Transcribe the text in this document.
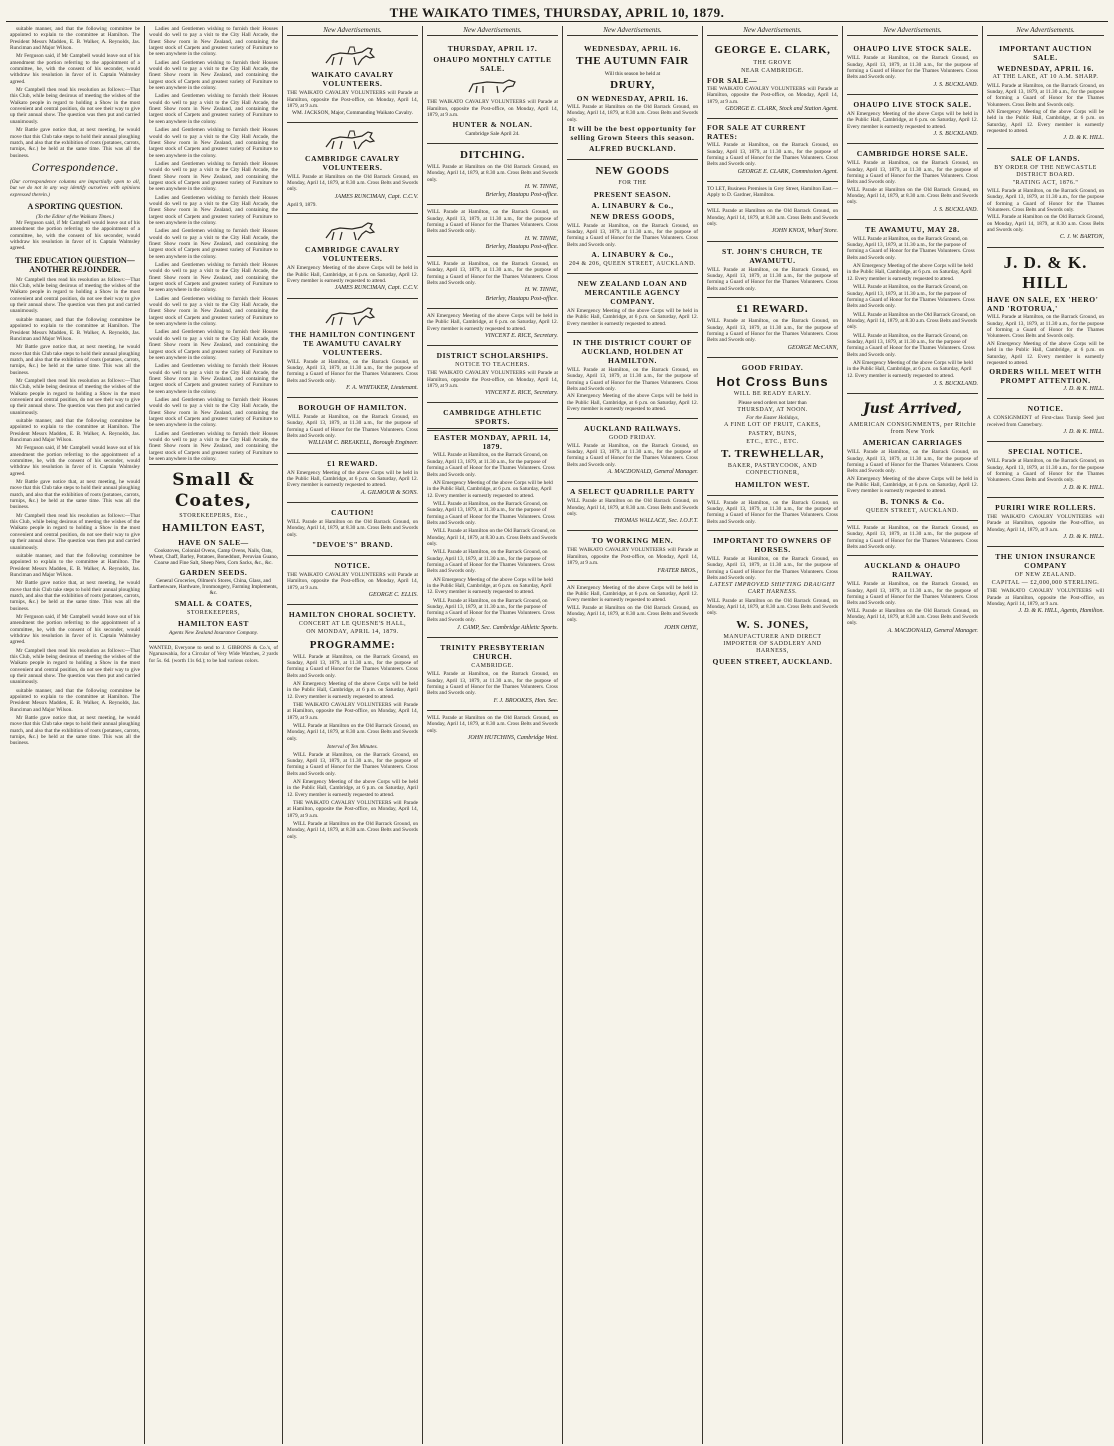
THE WAIKATO TIMES, THURSDAY, APRIL 10, 1879.

suitable manner, and that the following committee be appointed to explain to the committee at Hamilton. The President Messrs Madden, E. B. Walker, A. Reynolds, Jas. Runciman and Major Wilson.

Mr Ferguson said, if Mr Campbell would leave out of his amendment the portion referring to the appointment of a committee, he, with the consent of his seconder, would withdraw his resolution in favor of it. Captain Walmsley agreed.

Mr Campbell then read his resolution as follows:—That this Club, while being desirous of meeting the wishes of the Waikato people in regard to holding a Show in the most convenient and central position, do not see their way to give up their annual show. The question was then put and carried unanimously.

Mr Battle gave notice that, at next meeting, he would move that this Club take steps to hold their annual ploughing match, and also that the exhibition of roots (potatoes, carrots, turnips, &c.) be held at the same time. This was all the business.

Correspondence.

(Our correspondence columns are impartially open to all, but we do not in any way identify ourselves with opinions expressed therein.)

A SPORTING QUESTION.

(To the Editor of the Waikato Times.)

Mr Ferguson said, if Mr Campbell would leave out of his amendment the portion referring to the appointment of a committee, he, with the consent of his seconder, would withdraw his resolution in favor of it. Captain Walmsley agreed.

THE EDUCATION QUESTION— ANOTHER REJOINDER.

Mr Campbell then read his resolution as follows:—That this Club, while being desirous of meeting the wishes of the Waikato people in regard to holding a Show in the most convenient and central position, do not see their way to give up their annual show. The question was then put and carried unanimously.

suitable manner, and that the following committee be appointed to explain to the committee at Hamilton. The President Messrs Madden, E. B. Walker, A. Reynolds, Jas. Runciman and Major Wilson.

Mr Battle gave notice that, at next meeting, he would move that this Club take steps to hold their annual ploughing match, and also that the exhibition of roots (potatoes, carrots, turnips, &c.) be held at the same time. This was all the business.

Mr Campbell then read his resolution as follows:—That this Club, while being desirous of meeting the wishes of the Waikato people in regard to holding a Show in the most convenient and central position, do not see their way to give up their annual show. The question was then put and carried unanimously.

suitable manner, and that the following committee be appointed to explain to the committee at Hamilton. The President Messrs Madden, E. B. Walker, A. Reynolds, Jas. Runciman and Major Wilson.

Mr Ferguson said, if Mr Campbell would leave out of his amendment the portion referring to the appointment of a committee, he, with the consent of his seconder, would withdraw his resolution in favor of it. Captain Walmsley agreed.

Mr Battle gave notice that, at next meeting, he would move that this Club take steps to hold their annual ploughing match, and also that the exhibition of roots (potatoes, carrots, turnips, &c.) be held at the same time. This was all the business.

Mr Campbell then read his resolution as follows:—That this Club, while being desirous of meeting the wishes of the Waikato people in regard to holding a Show in the most convenient and central position, do not see their way to give up their annual show. The question was then put and carried unanimously.

suitable manner, and that the following committee be appointed to explain to the committee at Hamilton. The President Messrs Madden, E. B. Walker, A. Reynolds, Jas. Runciman and Major Wilson.

Mr Battle gave notice that, at next meeting, he would move that this Club take steps to hold their annual ploughing match, and also that the exhibition of roots (potatoes, carrots, turnips, &c.) be held at the same time. This was all the business.

Mr Ferguson said, if Mr Campbell would leave out of his amendment the portion referring to the appointment of a committee, he, with the consent of his seconder, would withdraw his resolution in favor of it. Captain Walmsley agreed.

Mr Campbell then read his resolution as follows:—That this Club, while being desirous of meeting the wishes of the Waikato people in regard to holding a Show in the most convenient and central position, do not see their way to give up their annual show. The question was then put and carried unanimously.

suitable manner, and that the following committee be appointed to explain to the committee at Hamilton. The President Messrs Madden, E. B. Walker, A. Reynolds, Jas. Runciman and Major Wilson.

Mr Battle gave notice that, at next meeting, he would move that this Club take steps to hold their annual ploughing match, and also that the exhibition of roots (potatoes, carrots, turnips, &c.) be held at the same time. This was all the business.

Ladies and Gentlemen wishing to furnish their Houses would do well to pay a visit to the City Hall Arcade, the finest Show room in New Zealand, and containing the largest stock of Carpets and greatest variety of Furniture to be seen anywhere in the colony.

Ladies and Gentlemen wishing to furnish their Houses would do well to pay a visit to the City Hall Arcade, the finest Show room in New Zealand, and containing the largest stock of Carpets and greatest variety of Furniture to be seen anywhere in the colony.

Ladies and Gentlemen wishing to furnish their Houses would do well to pay a visit to the City Hall Arcade, the finest Show room in New Zealand, and containing the largest stock of Carpets and greatest variety of Furniture to be seen anywhere in the colony.

Ladies and Gentlemen wishing to furnish their Houses would do well to pay a visit to the City Hall Arcade, the finest Show room in New Zealand, and containing the largest stock of Carpets and greatest variety of Furniture to be seen anywhere in the colony.

Ladies and Gentlemen wishing to furnish their Houses would do well to pay a visit to the City Hall Arcade, the finest Show room in New Zealand, and containing the largest stock of Carpets and greatest variety of Furniture to be seen anywhere in the colony.

Ladies and Gentlemen wishing to furnish their Houses would do well to pay a visit to the City Hall Arcade, the finest Show room in New Zealand, and containing the largest stock of Carpets and greatest variety of Furniture to be seen anywhere in the colony.

Ladies and Gentlemen wishing to furnish their Houses would do well to pay a visit to the City Hall Arcade, the finest Show room in New Zealand, and containing the largest stock of Carpets and greatest variety of Furniture to be seen anywhere in the colony.

Ladies and Gentlemen wishing to furnish their Houses would do well to pay a visit to the City Hall Arcade, the finest Show room in New Zealand, and containing the largest stock of Carpets and greatest variety of Furniture to be seen anywhere in the colony.

Ladies and Gentlemen wishing to furnish their Houses would do well to pay a visit to the City Hall Arcade, the finest Show room in New Zealand, and containing the largest stock of Carpets and greatest variety of Furniture to be seen anywhere in the colony.

Ladies and Gentlemen wishing to furnish their Houses would do well to pay a visit to the City Hall Arcade, the finest Show room in New Zealand, and containing the largest stock of Carpets and greatest variety of Furniture to be seen anywhere in the colony.

Ladies and Gentlemen wishing to furnish their Houses would do well to pay a visit to the City Hall Arcade, the finest Show room in New Zealand, and containing the largest stock of Carpets and greatest variety of Furniture to be seen anywhere in the colony.

Ladies and Gentlemen wishing to furnish their Houses would do well to pay a visit to the City Hall Arcade, the finest Show room in New Zealand, and containing the largest stock of Carpets and greatest variety of Furniture to be seen anywhere in the colony.

Ladies and Gentlemen wishing to furnish their Houses would do well to pay a visit to the City Hall Arcade, the finest Show room in New Zealand, and containing the largest stock of Carpets and greatest variety of Furniture to be seen anywhere in the colony.

Small & Coates,

STOREKEEPERS, Etc.,

HAMILTON EAST,

HAVE ON SALE—

Cookstoves, Colonial Ovens, Camp Ovens, Nails, Oats, Wheat, Chaff, Barley, Potatoes, Boneddust, Peruvian Guano, Coarse and Fine Salt, Sheep Nets, Corn Sacks, &c., &c.

GARDEN SEEDS.

General Groceries, Oilmen's Stores, China, Glass, and Earthenware, Hardware, Ironmongery, Farming Implements, &c.

SMALL & COATES,

STOREKEEPERS,

HAMILTON EAST

Agents New Zealand Insurance Company.

WANTED, Everyone to send to J. GIBBONS & Co.'s, of Ngaruawahia, for a Circular of Very Wide Watches, 2 yards for 5s. 6d. (worth 11s 6d.); to be had various colors.

New Advertisements.
WAIKATO CAVALRY VOLUNTEERS.

THE WAIKATO CAVALRY VOLUNTEERS will Parade at Hamilton, opposite the Post-office, on Monday, April 14, 1879, at 9 a.m.

WM. JACKSON, Major, Commanding Waikato Cavalry.

CAMBRIDGE CAVALRY VOLUNTEERS.

WILL Parade at Hamilton on the Old Barrack Ground, on Monday, April 14, 1879, at 8.30 a.m. Cross Belts and Swords only.

JAMES RUNCIMAN, Capt. C.C.V.

April 9, 1879.

CAMBRIDGE CAVALRY VOLUNTEERS.

AN Emergency Meeting of the above Corps will be held in the Public Hall, Cambridge, at 6 p.m. on Saturday, April 12. Every member is earnestly requested to attend.

JAMES RUNCIMAN, Capt. C.C.V.

THE HAMILTON CONTINGENT TE AWAMUTU CAVALRY VOLUNTEERS.

WILL Parade at Hamilton, on the Barrack Ground, on Sunday, April 13, 1879, at 11.30 a.m., for the purpose of forming a Guard of Honor for the Thames Volunteers. Cross Belts and Swords only.

F. A. WHITAKER, Lieutenant.

BOROUGH OF HAMILTON.

WILL Parade at Hamilton, on the Barrack Ground, on Sunday, April 13, 1879, at 11.30 a.m., for the purpose of forming a Guard of Honor for the Thames Volunteers. Cross Belts and Swords only.

WILLIAM C. BREAKELL, Borough Engineer.

£1 REWARD.

AN Emergency Meeting of the above Corps will be held in the Public Hall, Cambridge, at 6 p.m. on Saturday, April 12. Every member is earnestly requested to attend.

A. GILMOUR & SONS.

CAUTION!

WILL Parade at Hamilton on the Old Barrack Ground, on Monday, April 14, 1879, at 8.30 a.m. Cross Belts and Swords only.

"DEVOE'S" BRAND.
NOTICE.

THE WAIKATO CAVALRY VOLUNTEERS will Parade at Hamilton, opposite the Post-office, on Monday, April 14, 1879, at 9 a.m.

GEORGE C. ELLIS.

HAMILTON CHORAL SOCIETY.

CONCERT AT LE QUESNE'S HALL,

ON MONDAY, APRIL 14, 1879.

PROGRAMME:

WILL Parade at Hamilton, on the Barrack Ground, on Sunday, April 13, 1879, at 11.30 a.m., for the purpose of forming a Guard of Honor for the Thames Volunteers. Cross Belts and Swords only.

AN Emergency Meeting of the above Corps will be held in the Public Hall, Cambridge, at 6 p.m. on Saturday, April 12. Every member is earnestly requested to attend.

THE WAIKATO CAVALRY VOLUNTEERS will Parade at Hamilton, opposite the Post-office, on Monday, April 14, 1879, at 9 a.m.

WILL Parade at Hamilton on the Old Barrack Ground, on Monday, April 14, 1879, at 8.30 a.m. Cross Belts and Swords only.

Interval of Ten Minutes.

WILL Parade at Hamilton, on the Barrack Ground, on Sunday, April 13, 1879, at 11.30 a.m., for the purpose of forming a Guard of Honor for the Thames Volunteers. Cross Belts and Swords only.

AN Emergency Meeting of the above Corps will be held in the Public Hall, Cambridge, at 6 p.m. on Saturday, April 12. Every member is earnestly requested to attend.

THE WAIKATO CAVALRY VOLUNTEERS will Parade at Hamilton, opposite the Post-office, on Monday, April 14, 1879, at 9 a.m.

WILL Parade at Hamilton on the Old Barrack Ground, on Monday, April 14, 1879, at 8.30 a.m. Cross Belts and Swords only.

New Advertisements.
THURSDAY, APRIL 17.
OHAUPO MONTHLY CATTLE SALE.

THE WAIKATO CAVALRY VOLUNTEERS will Parade at Hamilton, opposite the Post-office, on Monday, April 14, 1879, at 9 a.m.

HUNTER & NOLAN.

Cambridge Sale April 24.

DITCHING.

WILL Parade at Hamilton on the Old Barrack Ground, on Monday, April 14, 1879, at 8.30 a.m. Cross Belts and Swords only.

H. W. TINNE,

Brierley, Hautapu Post-office.

WILL Parade at Hamilton, on the Barrack Ground, on Sunday, April 13, 1879, at 11.30 a.m., for the purpose of forming a Guard of Honor for the Thames Volunteers. Cross Belts and Swords only.

H. W. TINNE,

Brierley, Hautapu Post-office.

WILL Parade at Hamilton, on the Barrack Ground, on Sunday, April 13, 1879, at 11.30 a.m., for the purpose of forming a Guard of Honor for the Thames Volunteers. Cross Belts and Swords only.

H. W. TINNE,

Brierley, Hautapu Post-office.

AN Emergency Meeting of the above Corps will be held in the Public Hall, Cambridge, at 6 p.m. on Saturday, April 12. Every member is earnestly requested to attend.

VINCENT E. RICE, Secretary.

DISTRICT SCHOLARSHIPS.

NOTICE TO TEACHERS.

THE WAIKATO CAVALRY VOLUNTEERS will Parade at Hamilton, opposite the Post-office, on Monday, April 14, 1879, at 9 a.m.

VINCENT E. RICE, Secretary.

CAMBRIDGE ATHLETIC SPORTS.

EASTER MONDAY, APRIL 14, 1879.

WILL Parade at Hamilton, on the Barrack Ground, on Sunday, April 13, 1879, at 11.30 a.m., for the purpose of forming a Guard of Honor for the Thames Volunteers. Cross Belts and Swords only.

AN Emergency Meeting of the above Corps will be held in the Public Hall, Cambridge, at 6 p.m. on Saturday, April 12. Every member is earnestly requested to attend.

WILL Parade at Hamilton, on the Barrack Ground, on Sunday, April 13, 1879, at 11.30 a.m., for the purpose of forming a Guard of Honor for the Thames Volunteers. Cross Belts and Swords only.

WILL Parade at Hamilton on the Old Barrack Ground, on Monday, April 14, 1879, at 8.30 a.m. Cross Belts and Swords only.

WILL Parade at Hamilton, on the Barrack Ground, on Sunday, April 13, 1879, at 11.30 a.m., for the purpose of forming a Guard of Honor for the Thames Volunteers. Cross Belts and Swords only.

AN Emergency Meeting of the above Corps will be held in the Public Hall, Cambridge, at 6 p.m. on Saturday, April 12. Every member is earnestly requested to attend.

WILL Parade at Hamilton, on the Barrack Ground, on Sunday, April 13, 1879, at 11.30 a.m., for the purpose of forming a Guard of Honor for the Thames Volunteers. Cross Belts and Swords only.

J. CAMP, Sec. Cambridge Athletic Sports.

TRINITY PRESBYTERIAN CHURCH.

CAMBRIDGE.

WILL Parade at Hamilton, on the Barrack Ground, on Sunday, April 13, 1879, at 11.30 a.m., for the purpose of forming a Guard of Honor for the Thames Volunteers. Cross Belts and Swords only.

F. J. BROOKES, Hon. Sec.

WILL Parade at Hamilton on the Old Barrack Ground, on Monday, April 14, 1879, at 8.30 a.m. Cross Belts and Swords only.

JOHN HUTCHINS, Cambridge West.

New Advertisements.
WEDNESDAY, APRIL 16.
THE AUTUMN FAIR

Will this season be held at

DRURY,

ON WEDNESDAY, APRIL 16.

WILL Parade at Hamilton on the Old Barrack Ground, on Monday, April 14, 1879, at 8.30 a.m. Cross Belts and Swords only.

It will be the best opportunity for selling Grown Steers this season.

ALFRED BUCKLAND.
NEW GOODS

FOR THE

PRESENT SEASON.
A. LINABURY & Co.,
NEW DRESS GOODS,

WILL Parade at Hamilton, on the Barrack Ground, on Sunday, April 13, 1879, at 11.30 a.m., for the purpose of forming a Guard of Honor for the Thames Volunteers. Cross Belts and Swords only.

A. LINABURY & Co.,

204 & 206, QUEEN STREET, AUCKLAND.

NEW ZEALAND LOAN AND MERCANTILE AGENCY COMPANY.

AN Emergency Meeting of the above Corps will be held in the Public Hall, Cambridge, at 6 p.m. on Saturday, April 12. Every member is earnestly requested to attend.

IN THE DISTRICT COURT OF AUCKLAND, HOLDEN AT HAMILTON.

WILL Parade at Hamilton, on the Barrack Ground, on Sunday, April 13, 1879, at 11.30 a.m., for the purpose of forming a Guard of Honor for the Thames Volunteers. Cross Belts and Swords only.

AN Emergency Meeting of the above Corps will be held in the Public Hall, Cambridge, at 6 p.m. on Saturday, April 12. Every member is earnestly requested to attend.

AUCKLAND RAILWAYS.

GOOD FRIDAY.

WILL Parade at Hamilton, on the Barrack Ground, on Sunday, April 13, 1879, at 11.30 a.m., for the purpose of forming a Guard of Honor for the Thames Volunteers. Cross Belts and Swords only.

A. MACDONALD, General Manager.

A SELECT QUADRILLE PARTY

WILL Parade at Hamilton on the Old Barrack Ground, on Monday, April 14, 1879, at 8.30 a.m. Cross Belts and Swords only.

THOMAS WALLACE, Sec. I.O.F.T.

TO WORKING MEN.

THE WAIKATO CAVALRY VOLUNTEERS will Parade at Hamilton, opposite the Post-office, on Monday, April 14, 1879, at 9 a.m.

FRATER BROS.,

AN Emergency Meeting of the above Corps will be held in the Public Hall, Cambridge, at 6 p.m. on Saturday, April 12. Every member is earnestly requested to attend.

WILL Parade at Hamilton on the Old Barrack Ground, on Monday, April 14, 1879, at 8.30 a.m. Cross Belts and Swords only.

JOHN OHYE,

New Advertisements.
GEORGE E. CLARK,

THE GROVE

NEAR CAMBRIDGE.

FOR SALE—

THE WAIKATO CAVALRY VOLUNTEERS will Parade at Hamilton, opposite the Post-office, on Monday, April 14, 1879, at 9 a.m.

GEORGE E. CLARK, Stock and Station Agent.

FOR SALE AT CURRENT RATES:

WILL Parade at Hamilton, on the Barrack Ground, on Sunday, April 13, 1879, at 11.30 a.m., for the purpose of forming a Guard of Honor for the Thames Volunteers. Cross Belts and Swords only.

GEORGE E. CLARK, Commission Agent.

TO LET, Business Premises in Grey Street, Hamilton East.—Apply to D. Gardner, Hamilton.

WILL Parade at Hamilton on the Old Barrack Ground, on Monday, April 14, 1879, at 8.30 a.m. Cross Belts and Swords only.

JOHN KNOX, Wharf Store.

ST. JOHN'S CHURCH, TE AWAMUTU.

WILL Parade at Hamilton, on the Barrack Ground, on Sunday, April 13, 1879, at 11.30 a.m., for the purpose of forming a Guard of Honor for the Thames Volunteers. Cross Belts and Swords only.

£1 REWARD.

WILL Parade at Hamilton, on the Barrack Ground, on Sunday, April 13, 1879, at 11.30 a.m., for the purpose of forming a Guard of Honor for the Thames Volunteers. Cross Belts and Swords only.

GEORGE McCANN,

GOOD FRIDAY.
Hot Cross Buns

WILL BE READY EARLY.

Please send orders not later than

THURSDAY, AT NOON.

For the Easter Holidays,

A FINE LOT OF FRUIT, CAKES,

PASTRY, BUNS,

ETC., ETC., ETC.

T. TREWHELLAR,

BAKER, PASTRYCOOK, AND CONFECTIONER,

HAMILTON WEST.

WILL Parade at Hamilton, on the Barrack Ground, on Sunday, April 13, 1879, at 11.30 a.m., for the purpose of forming a Guard of Honor for the Thames Volunteers. Cross Belts and Swords only.

IMPORTANT TO OWNERS OF HORSES.

WILL Parade at Hamilton, on the Barrack Ground, on Sunday, April 13, 1879, at 11.30 a.m., for the purpose of forming a Guard of Honor for the Thames Volunteers. Cross Belts and Swords only.

LATEST IMPROVED SHIFTING DRAUGHT CART HARNESS.

WILL Parade at Hamilton on the Old Barrack Ground, on Monday, April 14, 1879, at 8.30 a.m. Cross Belts and Swords only.

W. S. JONES,

MANUFACTURER AND DIRECT IMPORTER OF SADDLERY AND HARNESS,

QUEEN STREET, AUCKLAND.
New Advertisements.
OHAUPO LIVE STOCK SALE.

WILL Parade at Hamilton, on the Barrack Ground, on Sunday, April 13, 1879, at 11.30 a.m., for the purpose of forming a Guard of Honor for the Thames Volunteers. Cross Belts and Swords only.

J. S. BUCKLAND.

OHAUPO LIVE STOCK SALE.

AN Emergency Meeting of the above Corps will be held in the Public Hall, Cambridge, at 6 p.m. on Saturday, April 12. Every member is earnestly requested to attend.

J. S. BUCKLAND.

CAMBRIDGE HORSE SALE.

WILL Parade at Hamilton, on the Barrack Ground, on Sunday, April 13, 1879, at 11.30 a.m., for the purpose of forming a Guard of Honor for the Thames Volunteers. Cross Belts and Swords only.

WILL Parade at Hamilton on the Old Barrack Ground, on Monday, April 14, 1879, at 8.30 a.m. Cross Belts and Swords only.

J. S. BUCKLAND.

TE AWAMUTU, MAY 28.

WILL Parade at Hamilton, on the Barrack Ground, on Sunday, April 13, 1879, at 11.30 a.m., for the purpose of forming a Guard of Honor for the Thames Volunteers. Cross Belts and Swords only.

AN Emergency Meeting of the above Corps will be held in the Public Hall, Cambridge, at 6 p.m. on Saturday, April 12. Every member is earnestly requested to attend.

WILL Parade at Hamilton, on the Barrack Ground, on Sunday, April 13, 1879, at 11.30 a.m., for the purpose of forming a Guard of Honor for the Thames Volunteers. Cross Belts and Swords only.

WILL Parade at Hamilton on the Old Barrack Ground, on Monday, April 14, 1879, at 8.30 a.m. Cross Belts and Swords only.

WILL Parade at Hamilton, on the Barrack Ground, on Sunday, April 13, 1879, at 11.30 a.m., for the purpose of forming a Guard of Honor for the Thames Volunteers. Cross Belts and Swords only.

AN Emergency Meeting of the above Corps will be held in the Public Hall, Cambridge, at 6 p.m. on Saturday, April 12. Every member is earnestly requested to attend.

J. S. BUCKLAND.

Just Arrived,

AMERICAN CONSIGNMENTS, per Ritchie from New York

AMERICAN CARRIAGES

WILL Parade at Hamilton, on the Barrack Ground, on Sunday, April 13, 1879, at 11.30 a.m., for the purpose of forming a Guard of Honor for the Thames Volunteers. Cross Belts and Swords only.

AN Emergency Meeting of the above Corps will be held in the Public Hall, Cambridge, at 6 p.m. on Saturday, April 12. Every member is earnestly requested to attend.

B. TONKS & Co.

QUEEN STREET, AUCKLAND.

WILL Parade at Hamilton, on the Barrack Ground, on Sunday, April 13, 1879, at 11.30 a.m., for the purpose of forming a Guard of Honor for the Thames Volunteers. Cross Belts and Swords only.

AUCKLAND & OHAUPO RAILWAY.

WILL Parade at Hamilton, on the Barrack Ground, on Sunday, April 13, 1879, at 11.30 a.m., for the purpose of forming a Guard of Honor for the Thames Volunteers. Cross Belts and Swords only.

WILL Parade at Hamilton on the Old Barrack Ground, on Monday, April 14, 1879, at 8.30 a.m. Cross Belts and Swords only.

A. MACDONALD, General Manager.

New Advertisements.
IMPORTANT AUCTION SALE.

WEDNESDAY, APRIL 16.

AT THE LAKE, AT 10 A.M. SHARP.

WILL Parade at Hamilton, on the Barrack Ground, on Sunday, April 13, 1879, at 11.30 a.m., for the purpose of forming a Guard of Honor for the Thames Volunteers. Cross Belts and Swords only.

AN Emergency Meeting of the above Corps will be held in the Public Hall, Cambridge, at 6 p.m. on Saturday, April 12. Every member is earnestly requested to attend.

J. D. & K. HILL.

SALE OF LANDS.

BY ORDER OF THE NEWCASTLE DISTRICT BOARD.

"RATING ACT, 1876."

WILL Parade at Hamilton, on the Barrack Ground, on Sunday, April 13, 1879, at 11.30 a.m., for the purpose of forming a Guard of Honor for the Thames Volunteers. Cross Belts and Swords only.

WILL Parade at Hamilton on the Old Barrack Ground, on Monday, April 14, 1879, at 8.30 a.m. Cross Belts and Swords only.

C. J. W. BARTON,

J. D. & K. HILL

HAVE ON SALE, EX 'HERO' AND 'ROTORUA,'

WILL Parade at Hamilton, on the Barrack Ground, on Sunday, April 13, 1879, at 11.30 a.m., for the purpose of forming a Guard of Honor for the Thames Volunteers. Cross Belts and Swords only.

AN Emergency Meeting of the above Corps will be held in the Public Hall, Cambridge, at 6 p.m. on Saturday, April 12. Every member is earnestly requested to attend.

ORDERS WILL MEET WITH PROMPT ATTENTION.

J. D. & K. HILL.

NOTICE.

A CONSIGNMENT of First-class Turnip Seed just received from Canterbury.

J. D. & K. HILL.

SPECIAL NOTICE.

WILL Parade at Hamilton, on the Barrack Ground, on Sunday, April 13, 1879, at 11.30 a.m., for the purpose of forming a Guard of Honor for the Thames Volunteers. Cross Belts and Swords only.

J. D. & K. HILL.

PURIRI WIRE ROLLERS.

THE WAIKATO CAVALRY VOLUNTEERS will Parade at Hamilton, opposite the Post-office, on Monday, April 14, 1879, at 9 a.m.

J. D. & K. HILL.

THE UNION INSURANCE COMPANY

OF NEW ZEALAND.

CAPITAL — £2,000,000 STERLING.

THE WAIKATO CAVALRY VOLUNTEERS will Parade at Hamilton, opposite the Post-office, on Monday, April 14, 1879, at 9 a.m.

J. D. & K. HILL, Agents, Hamilton.
